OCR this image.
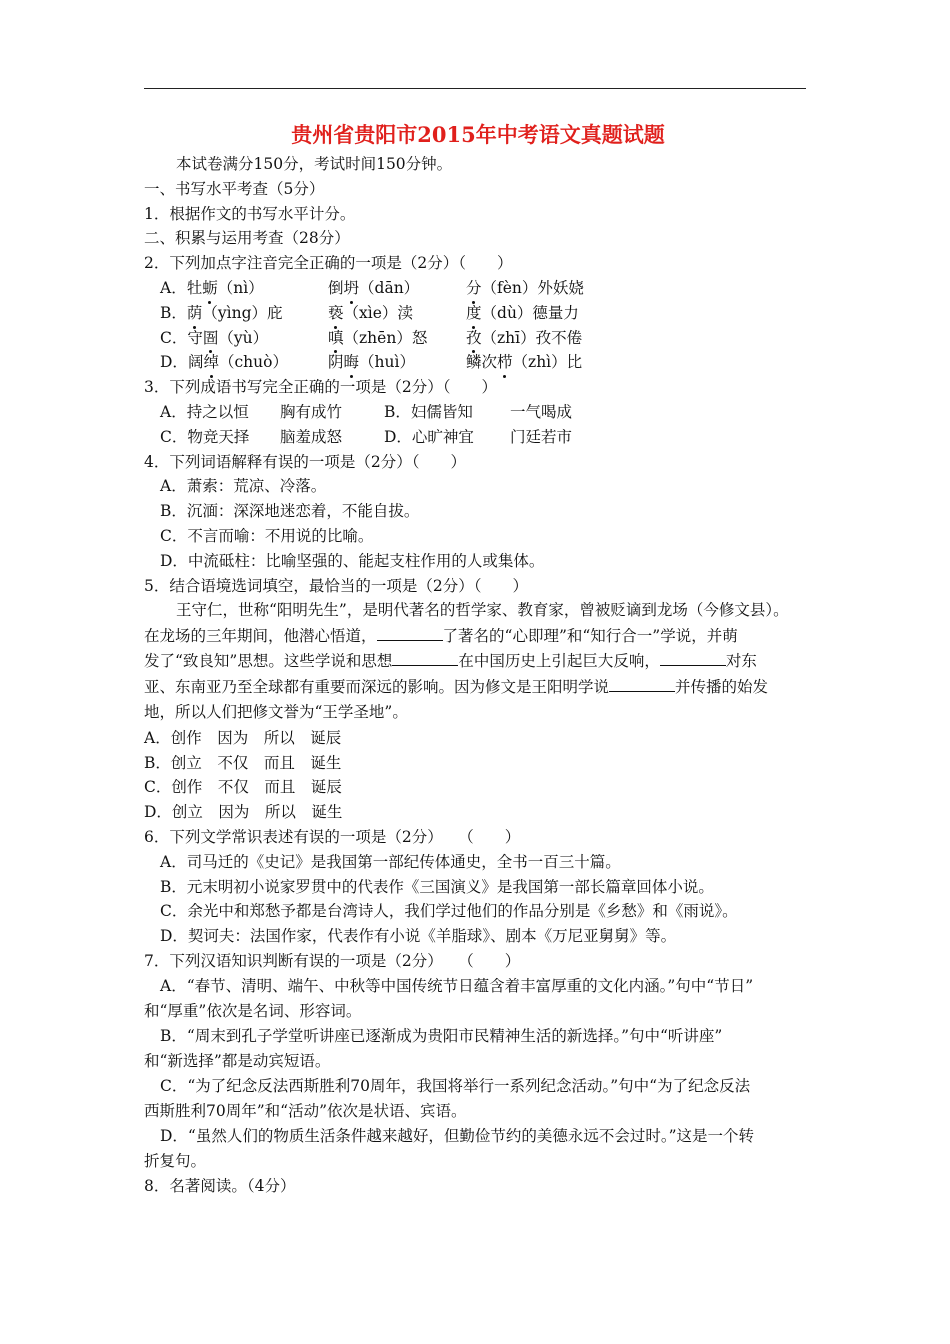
贵州省贵阳市2015年中考语文真题试题
本试卷满分150分，考试时间150分钟。
一、书写水平考查（5分）
1．根据作文的书写水平计分。
二、积累与运用考查（28分）
2．下列加点字注音完全正确的一项是（2分）（　　）
A．牡蛎（nì）	倒坍（dān）	分（fèn）外妖娆
B．荫（yìng）庇	亵（xìe）渎	度（dù）德量力
C．守圄（yù）	嗔（zhēn）怒	孜（zhī）孜不倦
D．阔绰（chuò）	阴晦（huì）	鳞次栉（zhì）比
3．下列成语书写完全正确的一项是（2分）（　　）
A．持之以恒	胸有成竹	B．妇儒皆知	一气喝成
C．物竞天择	脑羞成怒	D．心旷神宜	门廷若市
4．下列词语解释有误的一项是（2分）（　　）
A．萧索：荒凉、冷落。
B．沉湎：深深地迷恋着，不能自拔。
C．不言而喻：不用说的比喻。
D．中流砥柱：比喻坚强的、能起支柱作用的人或集体。
5．结合语境选词填空，最恰当的一项是（2分）（　　）
王守仁，世称“阳明先生”，是明代著名的哲学家、教育家，曾被贬谪到龙场（今修文县）。
在龙场的三年期间，他潜心悟道，	了著名的“心即理”和“知行合一”学说，并萌
发了“致良知”思想。这些学说和思想	在中国历史上引起巨大反响，	对东
亚、东南亚乃至全球都有重要而深远的影响。因为修文是王阳明学说	并传播的始发
地，所以人们把修文誉为“王学圣地”。
A．创作　因为　所以　诞辰
B．创立　不仅　而且　诞生
C．创作　不仅　而且　诞辰
D．创立　因为　所以　诞生
6．下列文学常识表述有误的一项是（2分）　　（　　）
A．司马迁的《史记》是我国第一部纪传体通史，全书一百三十篇。
B．元末明初小说家罗贯中的代表作《三国演义》是我国第一部长篇章回体小说。
C．余光中和郑愁予都是台湾诗人，我们学过他们的作品分别是《乡愁》和《雨说》。
D．契诃夫：法国作家，代表作有小说《羊脂球》、剧本《万尼亚舅舅》等。
7．下列汉语知识判断有误的一项是（2分）　　（　　）
A．“春节、清明、端午、中秋等中国传统节日蕴含着丰富厚重的文化内涵。”句中“节日”
和“厚重”依次是名词、形容词。
B．“周末到孔子学堂听讲座已逐渐成为贵阳市民精神生活的新选择。”句中“听讲座”
和“新选择”都是动宾短语。
C．“为了纪念反法西斯胜利70周年，我国将举行一系列纪念活动。”句中“为了纪念反法
西斯胜利70周年”和“活动”依次是状语、宾语。
D．“虽然人们的物质生活条件越来越好，但勤俭节约的美德永远不会过时。”这是一个转
折复句。
8．名著阅读。（4分）
